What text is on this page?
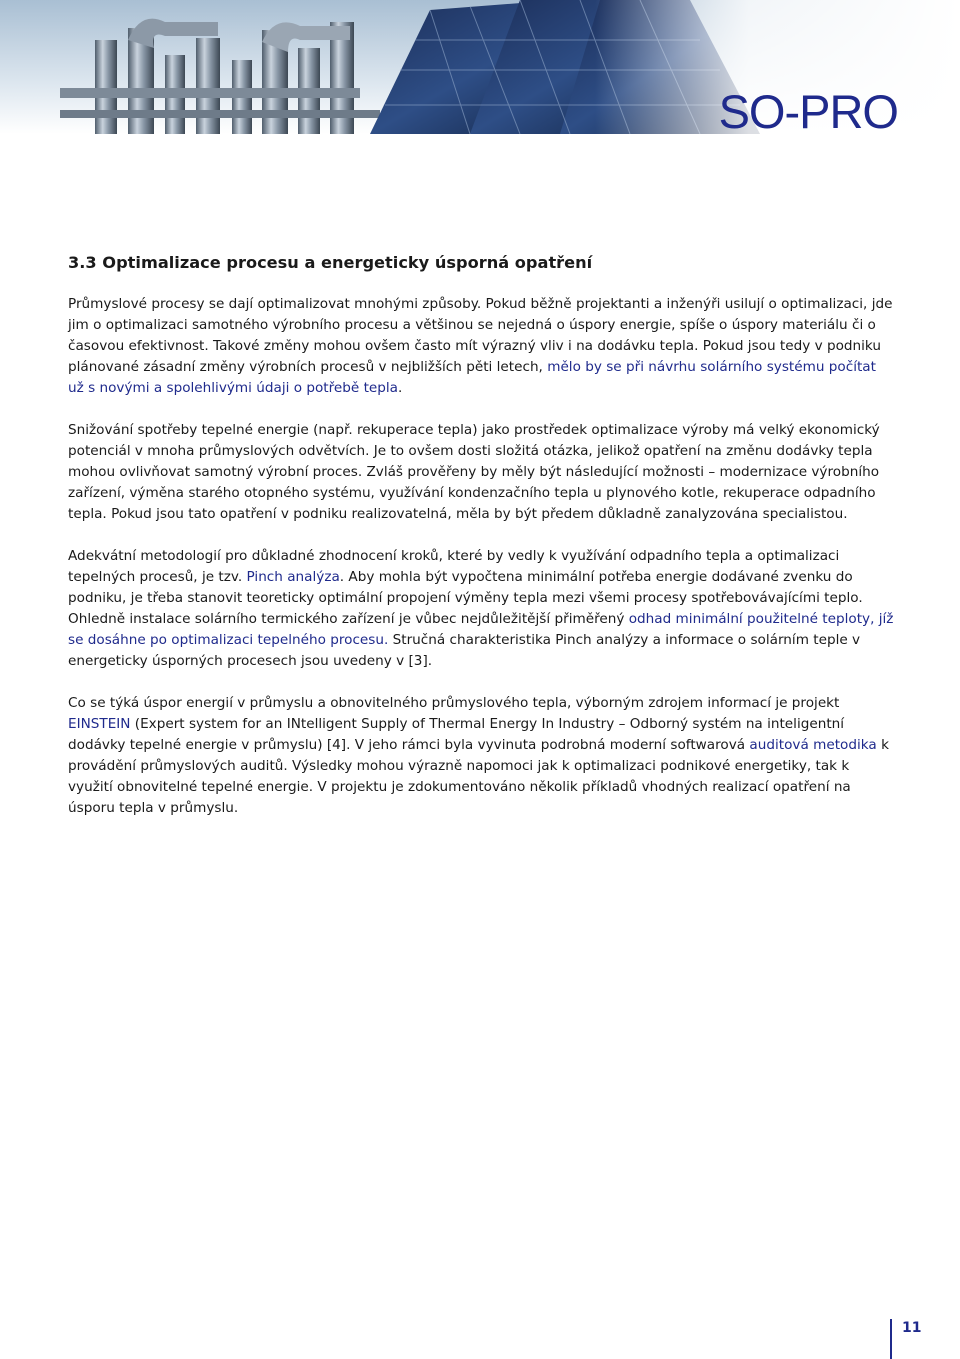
SO-PRO
3.3 Optimalizace procesu a energeticky úsporná opatření

Průmyslové procesy se dají optimalizovat mnohými způsoby. Pokud běžně projektanti a inženýři usilují o optimalizaci, jde jim o optimalizaci samotného výrobního procesu a většinou se nejedná o úspory energie, spíše o úspory materiálu či o časovou efektivnost. Takové změny mohou ovšem často mít výrazný vliv i na dodávku tepla. Pokud jsou tedy v podniku plánované zásadní změny výrobních procesů v nejbližších pěti letech, mělo by se při návrhu solárního systému počítat už s novými a spolehlivými údaji o potřebě tepla.

Snižování spotřeby tepelné energie (např. rekuperace tepla) jako prostředek optimalizace výroby má velký ekonomický potenciál v mnoha průmyslových odvětvích. Je to ovšem dosti složitá otázka, jelikož opatření na změnu dodávky tepla mohou ovlivňovat samotný výrobní proces. Zvláš prověřeny by měly být následující možnosti – modernizace výrobního zařízení, výměna starého otopného systému, využívání kondenzačního tepla u plynového kotle, rekuperace odpadního tepla. Pokud jsou tato opatření v podniku realizovatelná, měla by být předem důkladně zanalyzována specialistou.

Adekvátní metodologií pro důkladné zhodnocení kroků, které by vedly k využívání odpadního tepla a optimalizaci tepelných procesů, je tzv. Pinch analýza. Aby mohla být vypočtena minimální potřeba energie dodávané zvenku do podniku, je třeba stanovit teoreticky optimální propojení výměny tepla mezi všemi procesy spotřebovávajícími teplo. Ohledně instalace solárního termického zařízení je vůbec nejdůležitější přiměřený odhad minimální použitelné teploty, jíž se dosáhne po optimalizaci tepelného procesu. Stručná charakteristika Pinch analýzy a informace o solárním teple v energeticky úsporných procesech jsou uvedeny v [3].

Co se týká úspor energií v průmyslu a obnovitelného průmyslového tepla, výborným zdrojem informací je projekt EINSTEIN (Expert system for an INtelligent Supply of Thermal Energy In Industry – Odborný systém na inteligentní dodávky tepelné energie v průmyslu) [4]. V jeho rámci byla vyvinuta podrobná moderní softwarová auditová metodika k provádění průmyslových auditů. Výsledky mohou výrazně napomoci jak k optimalizaci podnikové energetiky, tak k využití obnovitelné tepelné energie. V projektu je zdokumentováno několik příkladů vhodných realizací opatření na úsporu tepla v průmyslu.

11
